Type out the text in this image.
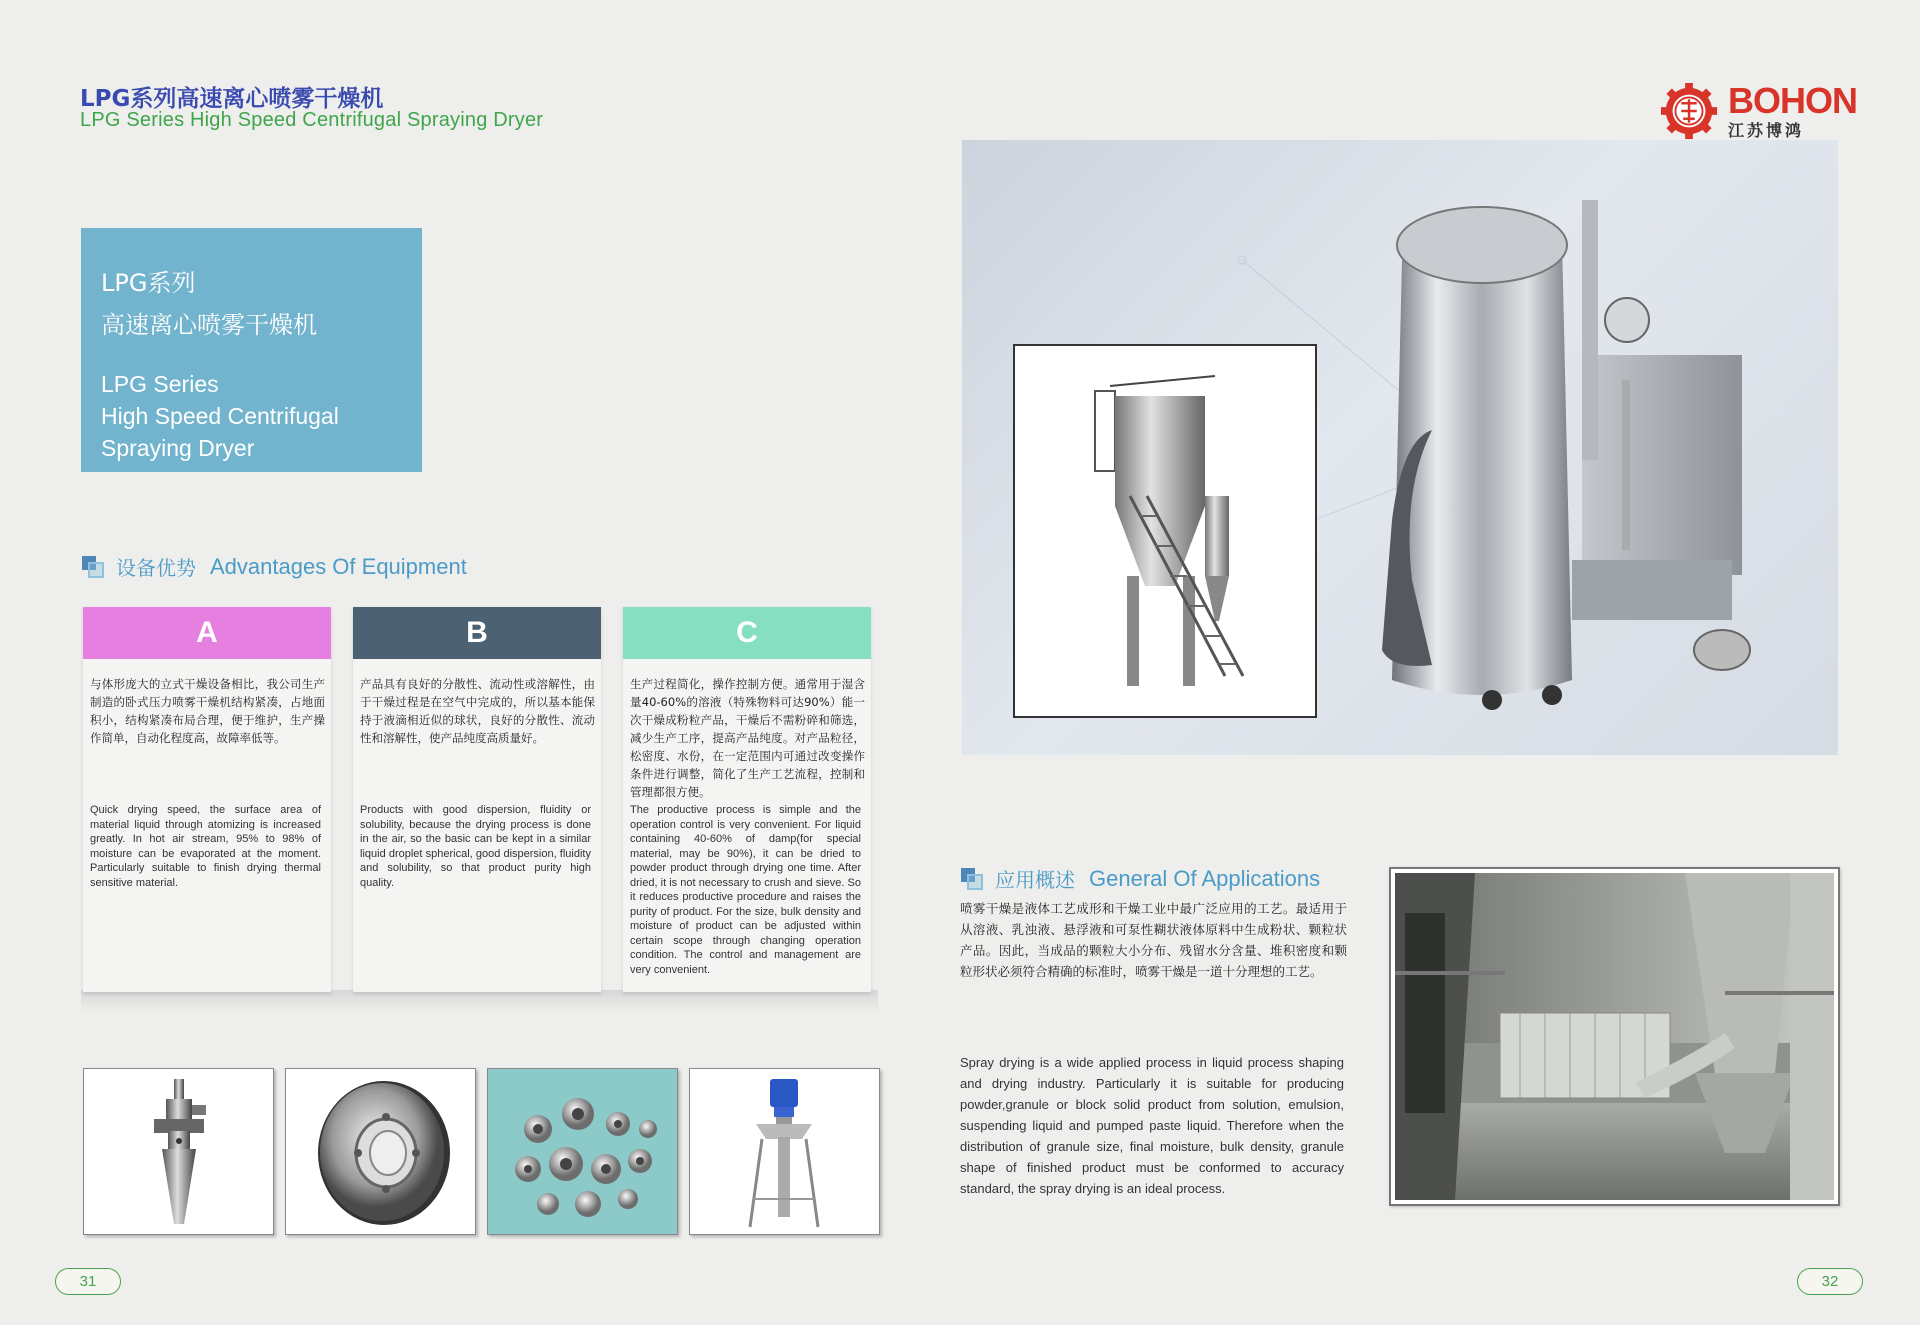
LPG系列高速离心喷雾干燥机
LPG Series High Speed Centrifugal Spraying Dryer	BOHON
江苏博鸿
LPG系列
高速离心喷雾干燥机
LPG Series
High Speed Centrifugal
Spraying Dryer
设备优势 Advantages Of Equipment
A
与体形庞大的立式干燥设备相比，我公司生产制造的卧式压力喷雾干燥机结构紧凑，占地面积小，结构紧凑布局合理，便于维护，生产操作简单，自动化程度高，故障率低等。
Quick drying speed, the surface area of material liquid through atomizing is increased greatly. In hot air stream, 95% to 98% of moisture can be evaporated at the moment. Particularly suitable to finish drying thermal sensitive material.
B
产品具有良好的分散性、流动性或溶解性，由于干燥过程是在空气中完成的，所以基本能保持于液滴相近似的球状，良好的分散性、流动性和溶解性，使产品纯度高质量好。
Products with good dispersion, fluidity or solubility, because the drying process is done in the air, so the basic can be kept in a similar liquid droplet spherical, good dispersion, fluidity and solubility, so that product purity high quality.
C
生产过程简化，操作控制方便。通常用于湿含量40-60%的溶液（特殊物料可达90%）能一次干燥成粉粒产品，干燥后不需粉碎和筛选，减少生产工序，提高产品纯度。对产品粒径，松密度、水份，在一定范围内可通过改变操作条件进行调整，简化了生产工艺流程，控制和管理都很方便。
The productive process is simple and the operation control is very convenient. For liquid containing 40-60% of damp(for special material, may be 90%), it can be dried to powder product through drying one time. After dried, it is not necessary to crush and sieve. So it reduces productive procedure and raises the purity of product. For the size, bulk density and moisture of product can be adjusted within certain scope through changing operation condition. The control and management are very convenient.
应用概述 General Of Applications
喷雾干燥是液体工艺成形和干燥工业中最广泛应用的工艺。最适用于从溶液、乳浊液、悬浮液和可泵性糊状液体原料中生成粉状、颗粒状产品。因此，当成品的颗粒大小分布、残留水分含量、堆积密度和颗粒形状必须符合精确的标准时，喷雾干燥是一道十分理想的工艺。
Spray drying is a wide applied process in liquid process shaping and drying industry. Particularly it is suitable for producing powder,granule or block solid product from solution, emulsion, suspending liquid and pumped paste liquid. Therefore when the distribution of granule size, final moisture, bulk density, granule shape of finished product must be conformed to accuracy standard, the spray drying is an ideal process.
31	32
